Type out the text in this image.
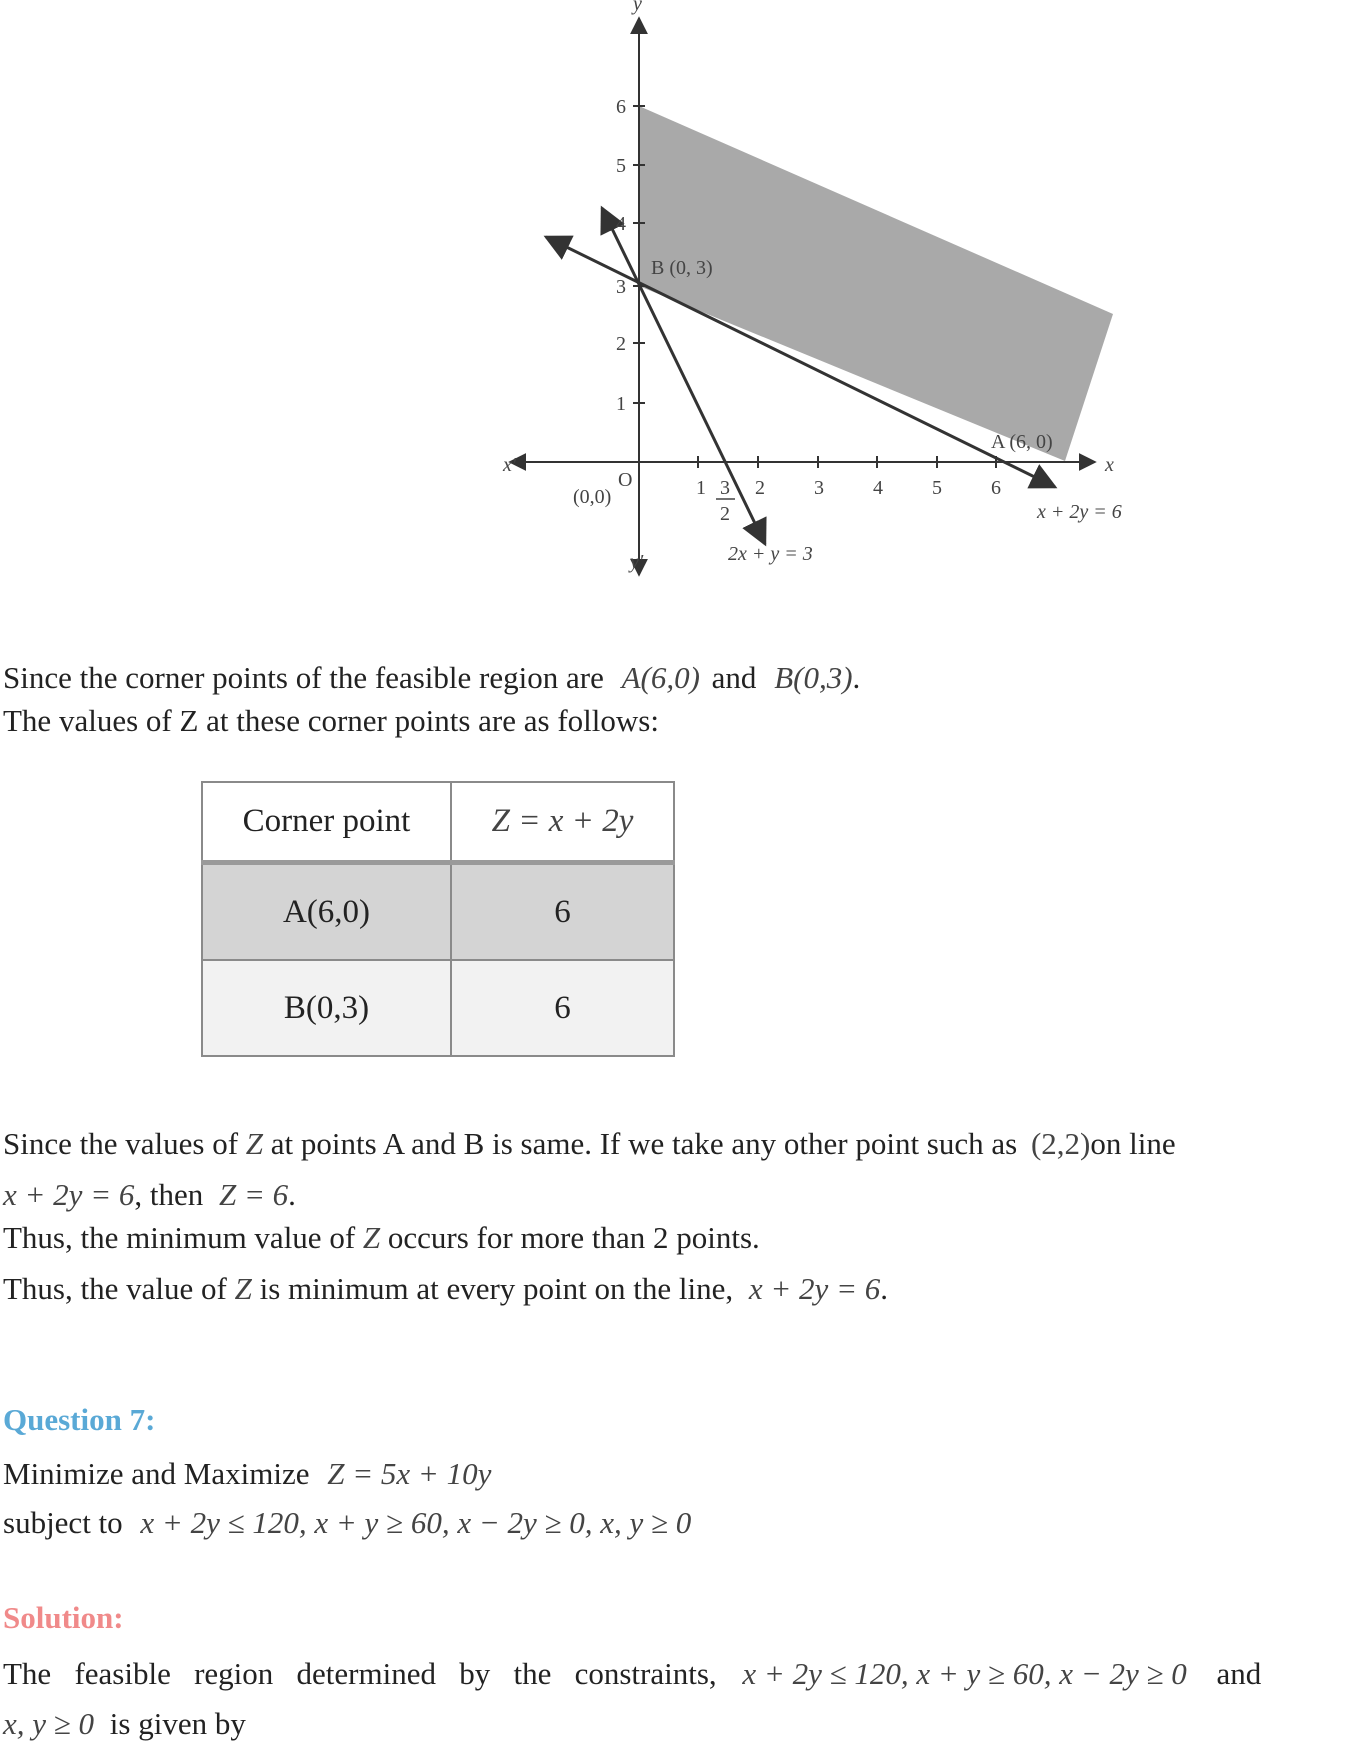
x
y
x′
y′
O
(0,0)	1 2 3 4 5 6
3
2
1
2
3
4
5
6
B (0, 3)
A (6, 0)
x + 2y = 6
2x + y = 3
Since the corner points of the feasible region are A(6,0) and B(0,3).
The values of Z at these corner points are as follows:
Corner point	Z = x + 2y
A(6,0)	6
B(0,3)	6
Since the values of Z at points A and B is same. If we take any other point such as (2,2)on line
x + 2y = 6, then Z = 6.
Thus, the minimum value of Z occurs for more than 2 points.
Thus, the value of Z is minimum at every point on the line, x + 2y = 6.
Question 7:
Minimize and Maximize Z = 5x + 10y
subject to x + 2y ≤ 120, x + y ≥ 60, x − 2y ≥ 0, x, y ≥ 0
Solution:
The   feasible   region   determined   by   the   constraints, x + 2y ≤ 120, x + y ≥ 60, x − 2y ≥ 0 and
x, y ≥ 0 is given by
